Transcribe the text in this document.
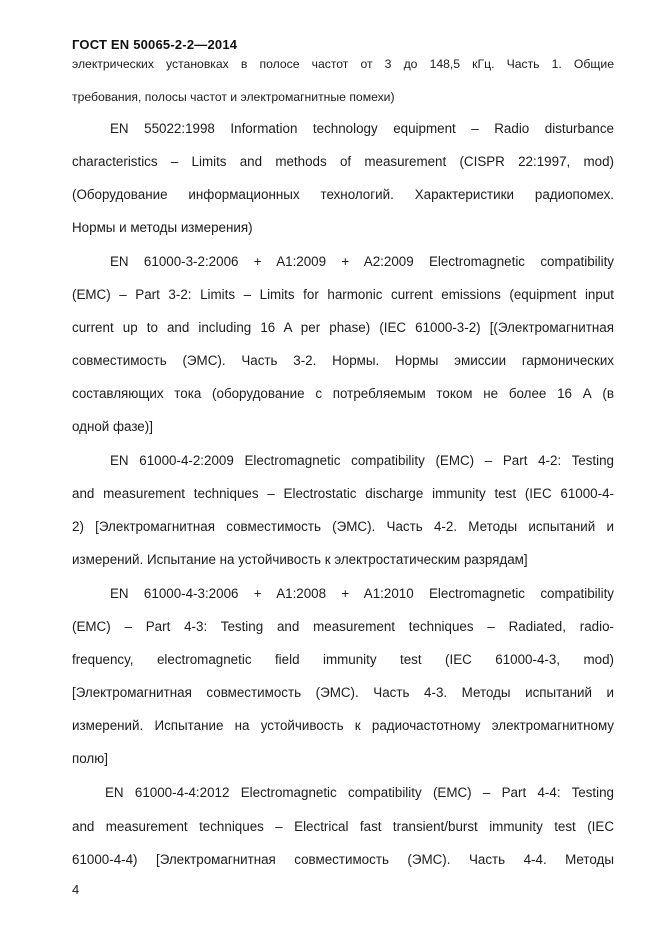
ГОСТ EN 50065-2-2—2014
электрических установках в полосе частот от 3 до 148,5 кГц. Часть 1. Общие
требования, полосы частот и электромагнитные помехи)
EN 55022:1998 Information technology equipment – Radio disturbance
characteristics – Limits and methods of measurement (CISPR 22:1997, mod)
(Оборудование информационных технологий. Характеристики радиопомех.
Нормы и методы измерения)
EN 61000-3-2:2006 + A1:2009 + A2:2009 Electromagnetic compatibility
(EMC) – Part 3-2: Limits – Limits for harmonic current emissions (equipment input
current up to and including 16 A per phase) (IEC 61000-3-2) [(Электромагнитная
совместимость (ЭМС). Часть 3-2. Нормы. Нормы эмиссии гармонических
составляющих тока (оборудование с потребляемым током не более 16 А (в
одной фазе)]
EN 61000-4-2:2009 Electromagnetic compatibility (EMC) – Part 4-2: Testing
and measurement techniques – Electrostatic discharge immunity test (IEC 61000-4-
2) [Электромагнитная совместимость (ЭМС). Часть 4-2. Методы испытаний и
измерений. Испытание на устойчивость к электростатическим разрядам]
EN 61000-4-3:2006 + A1:2008 + A1:2010 Electromagnetic compatibility
(EMC) – Part 4-3: Testing and measurement techniques – Radiated, radio-
frequency, electromagnetic field immunity test (IEC 61000-4-3, mod)
[Электромагнитная совместимость (ЭМС). Часть 4-3. Методы испытаний и
измерений. Испытание на устойчивость к радиочастотному электромагнитному
полю]
EN 61000-4-4:2012 Electromagnetic compatibility (EMC) – Part 4-4: Testing
and measurement techniques – Electrical fast transient/burst immunity test (IEC
61000-4-4) [Электромагнитная совместимость (ЭМС). Часть 4-4. Методы
4
